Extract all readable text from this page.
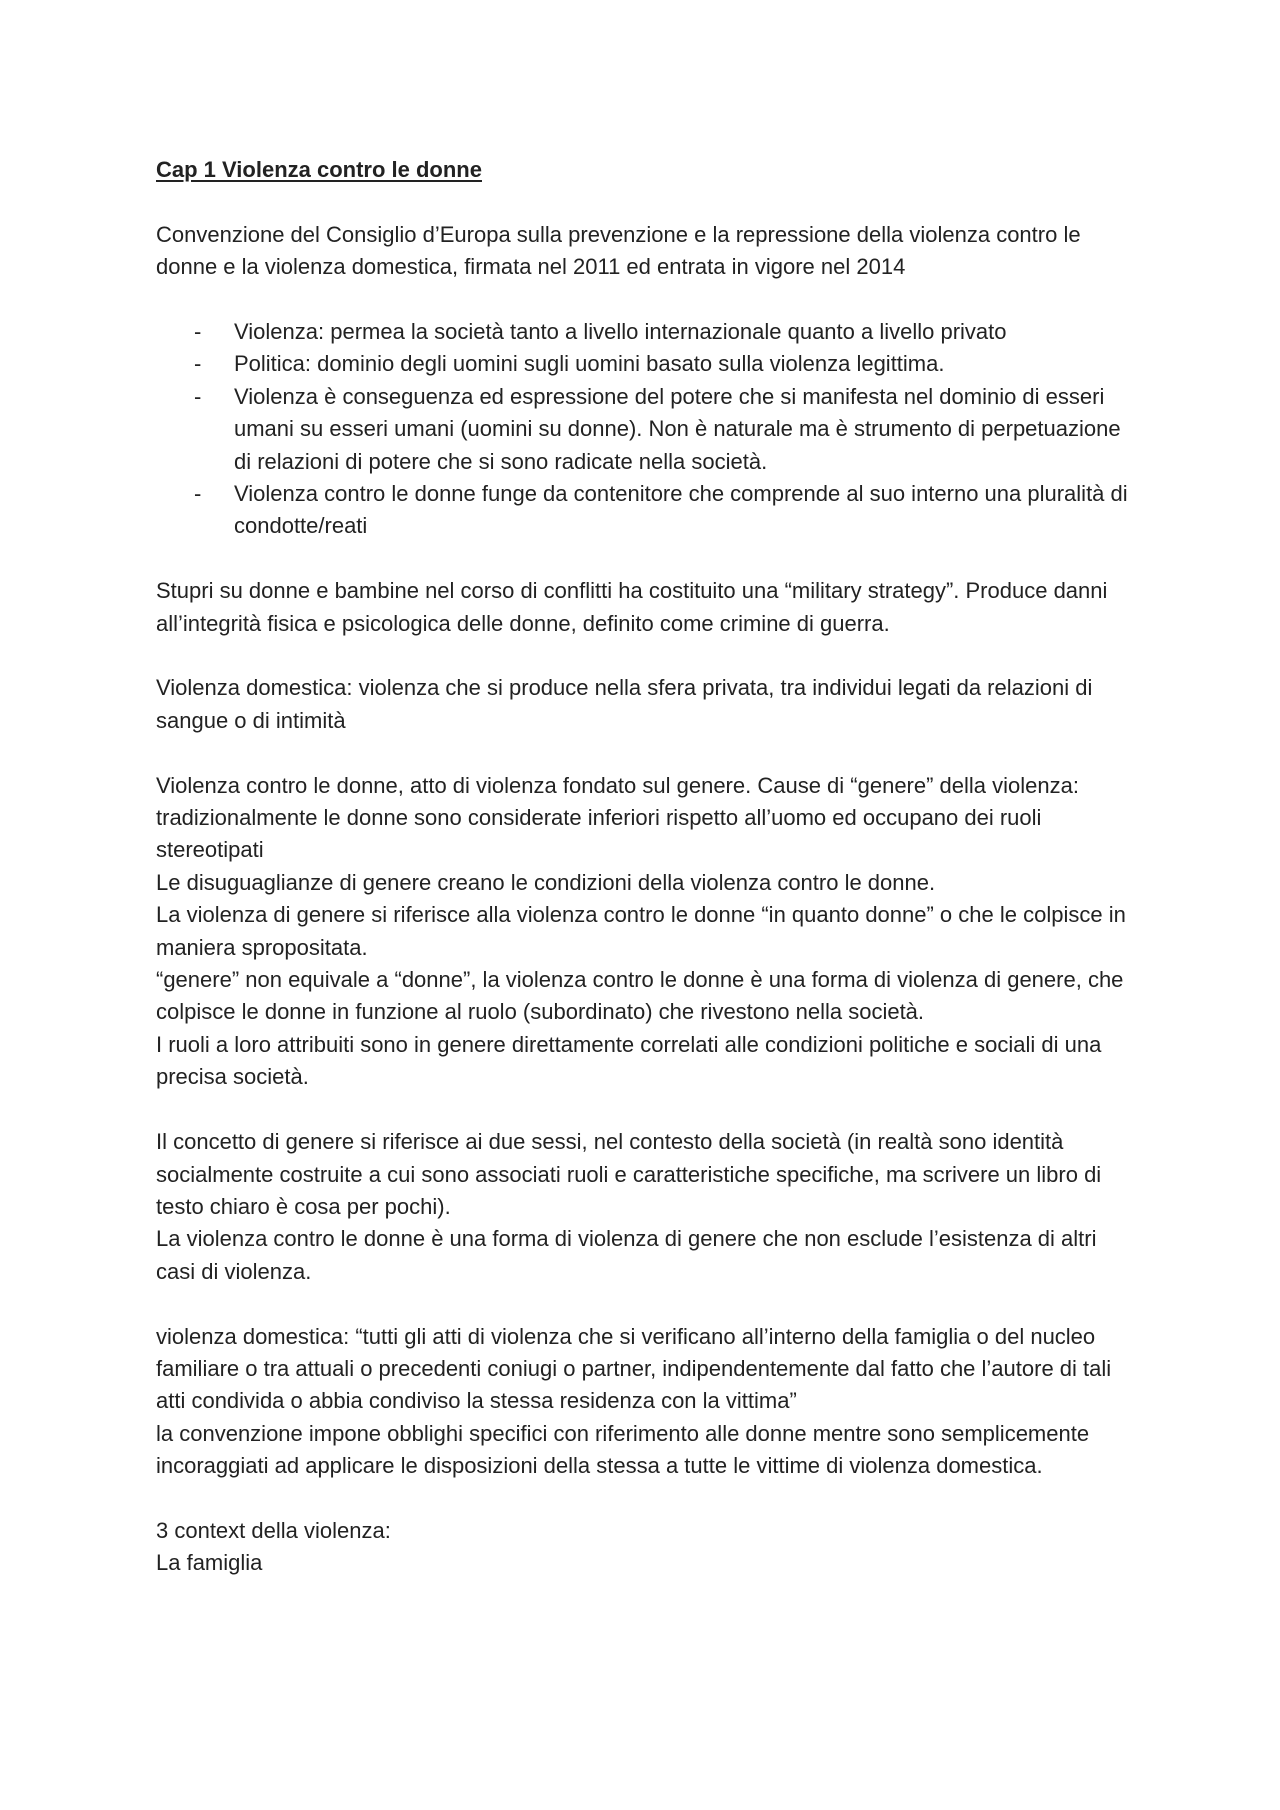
Cap 1 Violenza contro le donne
Convenzione del Consiglio d’Europa sulla prevenzione e la repressione della violenza contro le donne e la violenza domestica, firmata nel 2011 ed entrata in vigore nel 2014
- Violenza: permea la società tanto a livello internazionale quanto a livello privato
- Politica: dominio degli uomini sugli uomini basato sulla violenza legittima.
- Violenza è conseguenza ed espressione del potere che si manifesta nel dominio di esseri umani su esseri umani (uomini su donne). Non è naturale ma è strumento di perpetuazione di relazioni di potere che si sono radicate nella società.
- Violenza contro le donne funge da contenitore che comprende al suo interno una pluralità di condotte/reati
Stupri su donne e bambine nel corso di conflitti ha costituito una “military strategy”. Produce danni all’integrità fisica e psicologica delle donne, definito come crimine di guerra.
Violenza domestica: violenza che si produce nella sfera privata, tra individui legati da relazioni di sangue o di intimità

Violenza contro le donne, atto di violenza fondato sul genere. Cause di “genere” della violenza: tradizionalmente le donne sono considerate inferiori rispetto all’uomo ed occupano dei ruoli stereotipati

Le disuguaglianze di genere creano le condizioni della violenza contro le donne.

La violenza di genere si riferisce alla violenza contro le donne “in quanto donne” o che le colpisce in maniera spropositata.

“genere” non equivale a “donne”, la violenza contro le donne è una forma di violenza di genere, che colpisce le donne in funzione al ruolo (subordinato) che rivestono nella società.

I ruoli a loro attribuiti sono in genere direttamente correlati alle condizioni politiche e sociali di una precisa società.

Il concetto di genere si riferisce ai due sessi, nel contesto della società (in realtà sono identità socialmente costruite a cui sono associati ruoli e caratteristiche specifiche, ma scrivere un libro di testo chiaro è cosa per pochi).

La violenza contro le donne è una forma di violenza di genere che non esclude l’esistenza di altri casi di violenza.

violenza domestica: “tutti gli atti di violenza che si verificano all’interno della famiglia o del nucleo familiare o tra attuali o precedenti coniugi o partner, indipendentemente dal fatto che l’autore di tali atti condivida o abbia condiviso la stessa residenza con la vittima”

la convenzione impone obblighi specifici con riferimento alle donne mentre sono semplicemente incoraggiati ad applicare le disposizioni della stessa a tutte le vittime di violenza domestica.

3 context della violenza:

La famiglia
